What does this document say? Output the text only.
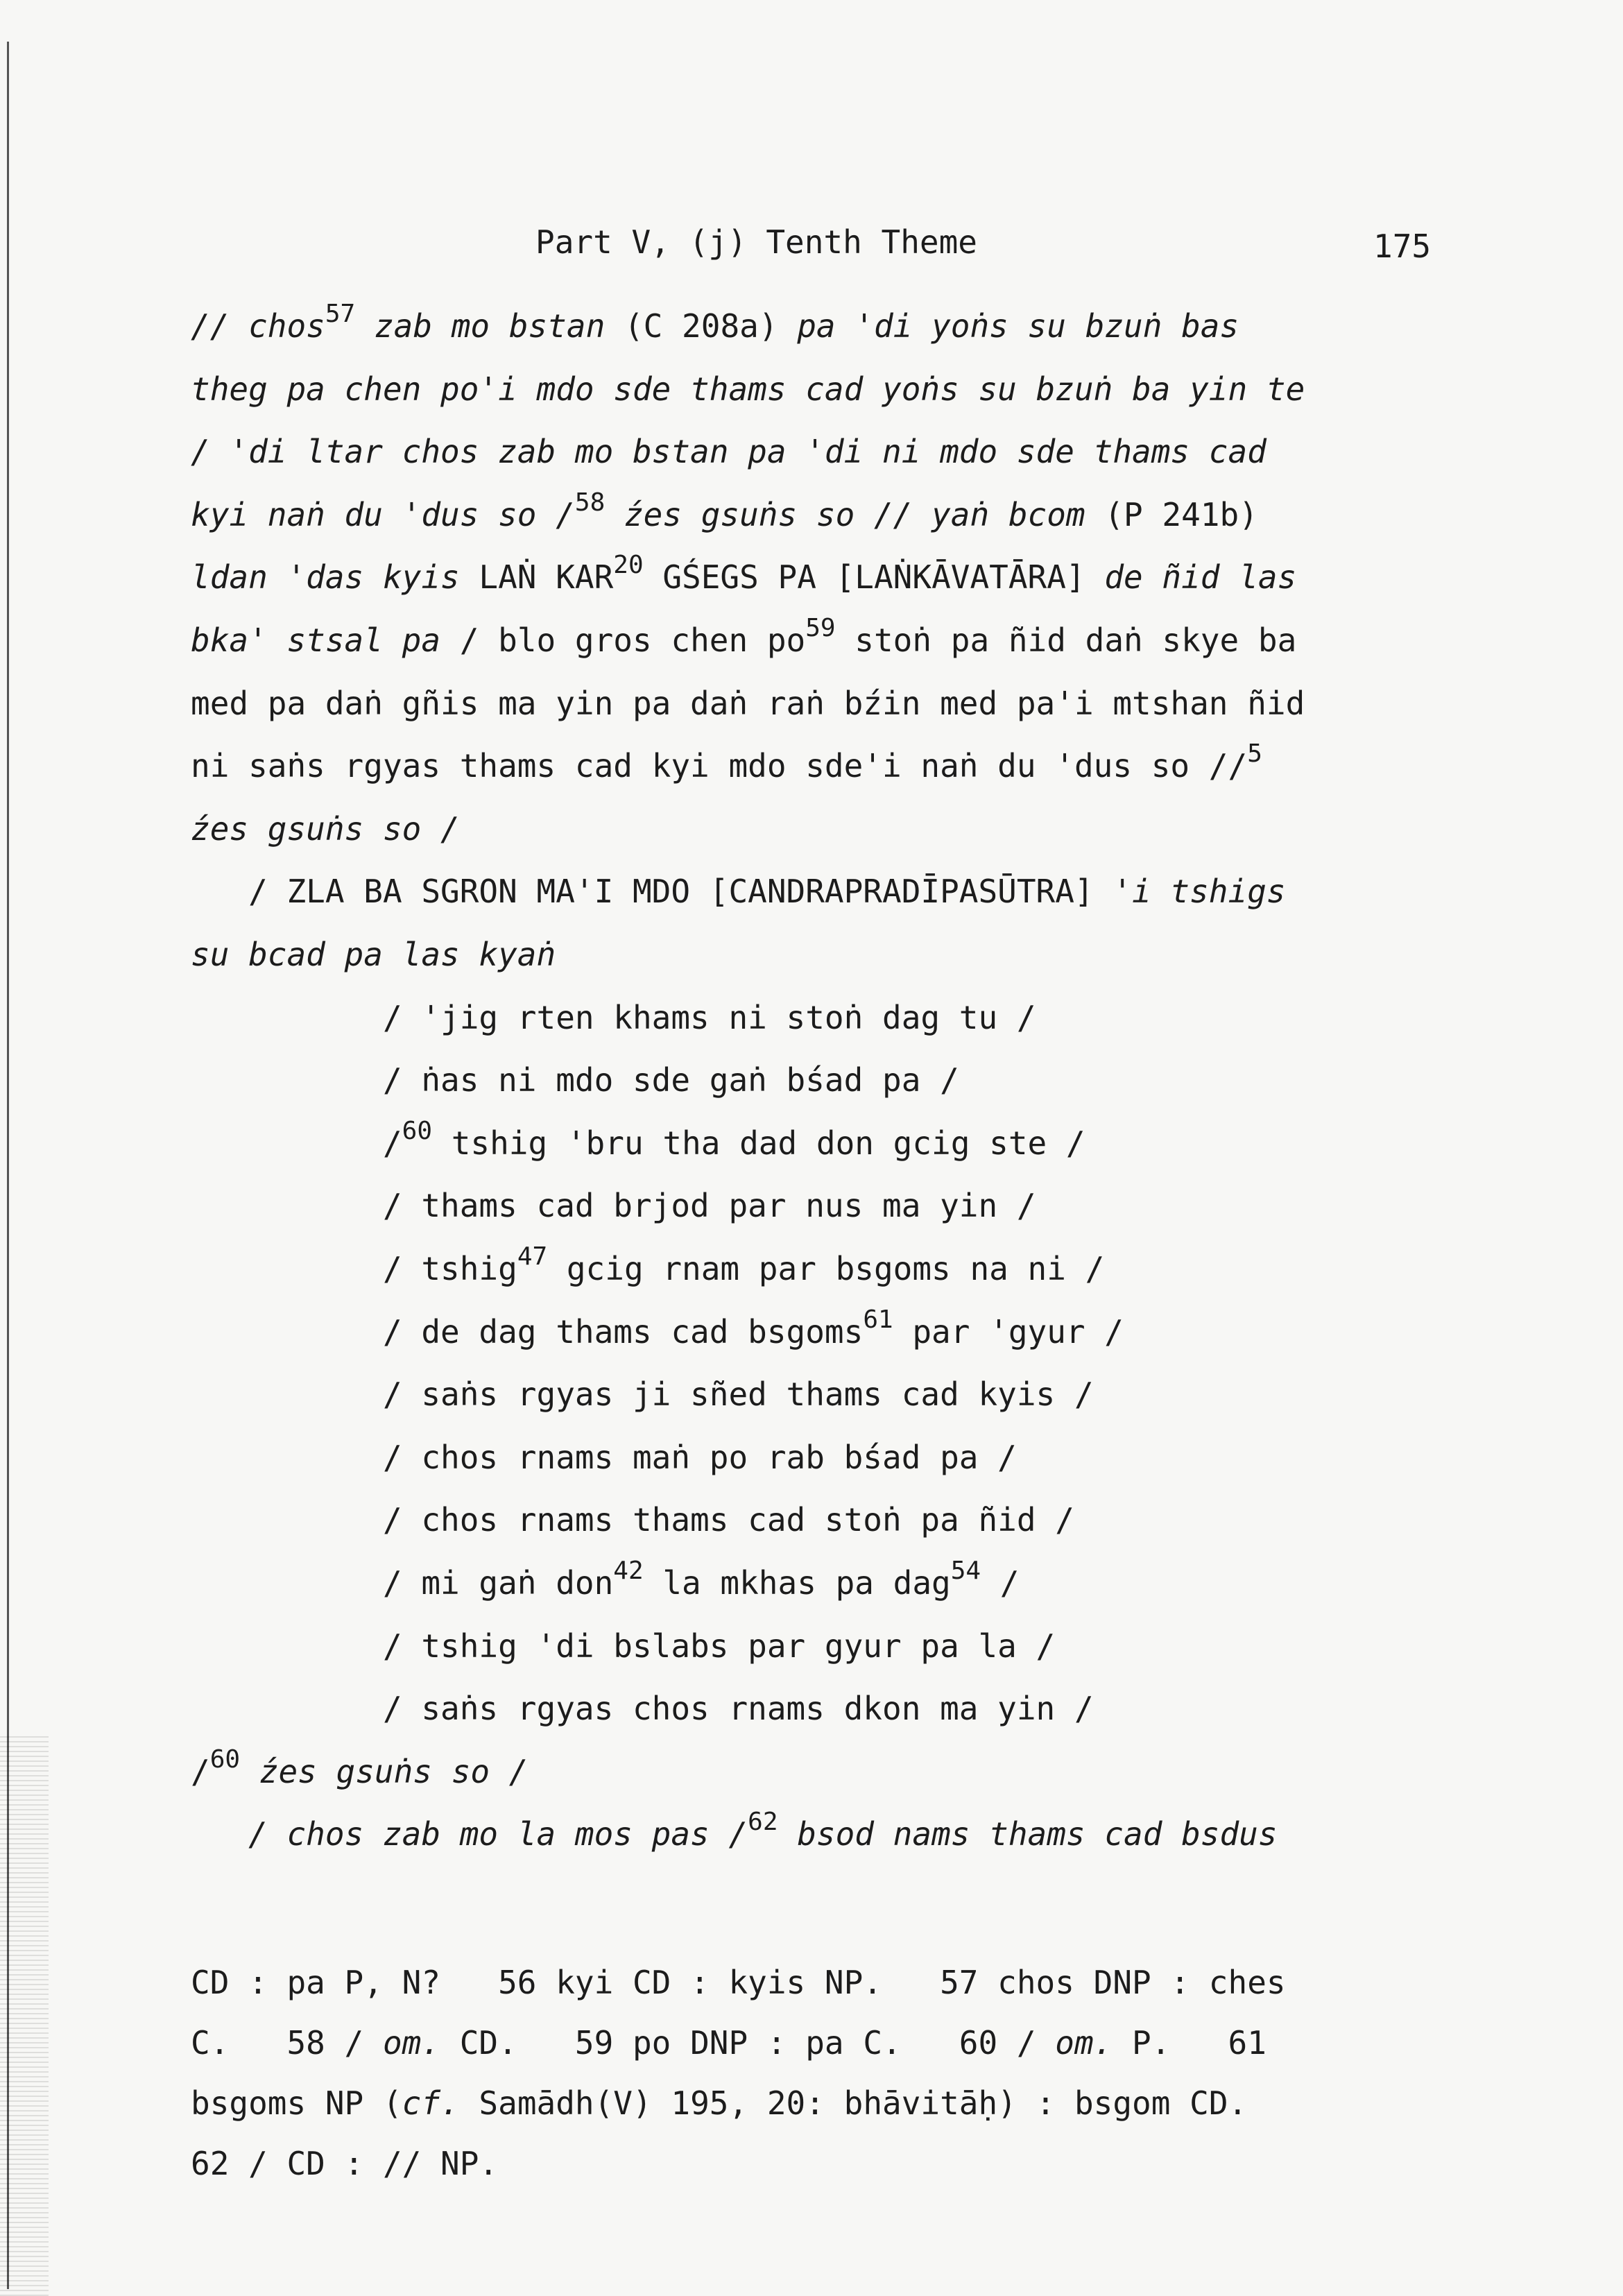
Part V, (j) Tenth Theme	175
// chos$^{57}$ zab mo bstan (C 208a) pa 'di yoṅs su bzuṅ bas
theg pa chen po'i mdo sde thams cad yoṅs su bzuṅ ba yin te
/ 'di ltar chos zab mo bstan pa 'di ni mdo sde thams cad
kyi naṅ du 'dus so /$^{58}$ źes gsuṅs so // yaṅ bcom (P 241b)
ldan 'das kyis LAṄ KAR$^{20}$ GŚEGS PA [LAṄKĀVATĀRA] de ñid las
bka' stsal pa / blo gros chen $po^{59}$ stoṅ pa ñid daṅ skye ba
med pa daṅ gñis ma yin pa daṅ raṅ bźin med pa'i mtshan ñid
ni saṅs rgyas thams cad kyi mdo sde'i naṅ du 'dus so //$^5$
źes gsuṅs so /
/ ZLA BA SGRON MA'I MDO [CANDRAPRADĪPASŪTRA] 'i tshigs
su bcad pa las kyaṅ
/ 'jig rten khams ni stoṅ dag tu /
/ ṅas ni mdo sde gaṅ bśad pa /
/$^{60}$ tshig 'bru tha dad don gcig ste /
/ thams cad brjod par nus ma yin /
/ tshig$^{47}$ gcig rnam par bsgoms na ni /
/ de dag thams cad bsgoms$^{61}$ par 'gyur /
/ saṅs rgyas ji sñed thams cad kyis /
/ chos rnams maṅ po rab bśad pa /
/ chos rnams thams cad stoṅ pa ñid /
/ mi gaṅ don$^{42}$ la mkhas pa dag$^{54}$ /
/ tshig 'di bslabs par gyur pa la /
/ saṅs rgyas chos rnams dkon ma yin /
/$^{60}$ źes gsuṅs so /
/ chos zab mo la mos pas /$^{62}$ bsod nams thams cad bsdus
CD : pa P, N?   56 kyi CD : kyis NP.   57 chos DNP : ches
C.   58 / om. CD.   59 po DNP : pa C.   60 / om. P.   61
bsgoms NP (cf. Samādh(V) 195, 20: bhāvitāḥ) : bsgom CD.
62 / CD : // NP.
